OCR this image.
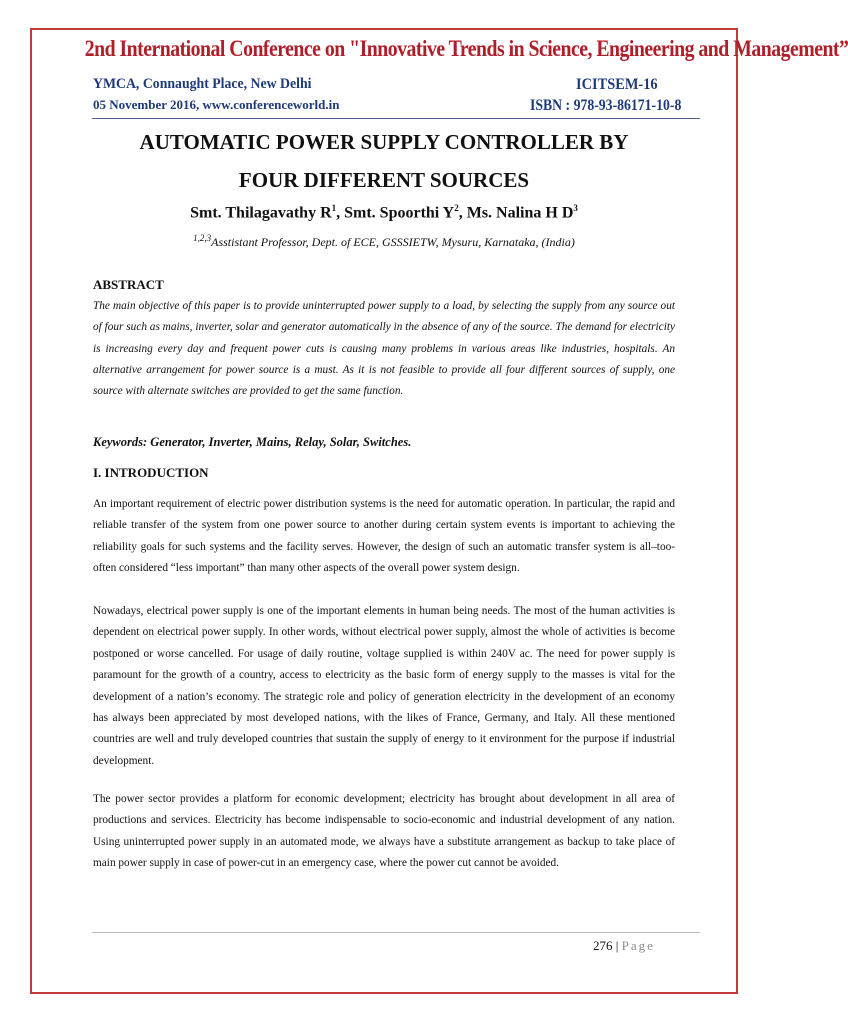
2nd International Conference on "Innovative Trends in Science, Engineering and Management”
YMCA, Connaught Place, New Delhi
05 November 2016, www.conferenceworld.in
ICITSEM-16
ISBN : 978-93-86171-10-8
AUTOMATIC POWER SUPPLY CONTROLLER BY
FOUR DIFFERENT SOURCES
Smt. Thilagavathy $R^1$, Smt. Spoorthi $Y^2$, Ms. Nalina H $D^3$
$^{1,2,3}$Asstistant Professor, Dept. of ECE, GSSSIETW, Mysuru, Karnataka, (India)
ABSTRACT
The main objective of this paper is to provide uninterrupted power supply to a load, by selecting the supply from any source out of four such as mains, inverter, solar and generator automatically in the absence of any of the source. The demand for electricity is increasing every day and frequent power cuts is causing many problems in various areas like industries, hospitals. An alternative arrangement for power source is a must. As it is not feasible to provide all four different sources of supply, one source with alternate switches are provided to get the same function.
Keywords: Generator, Inverter, Mains, Relay, Solar, Switches.
I. INTRODUCTION
An important requirement of electric power distribution systems is the need for automatic operation. In particular, the rapid and reliable transfer of the system from one power source to another during certain system events is important to achieving the reliability goals for such systems and the facility serves. However, the design of such an automatic transfer system is all–too-often considered “less important” than many other aspects of the overall power system design.
Nowadays, electrical power supply is one of the important elements in human being needs. The most of the human activities is dependent on electrical power supply. In other words, without electrical power supply, almost the whole of activities is become postponed or worse cancelled. For usage of daily routine, voltage supplied is within 240V ac. The need for power supply is paramount for the growth of a country, access to electricity as the basic form of energy supply to the masses is vital for the development of a nation’s economy. The strategic role and policy of generation electricity in the development of an economy has always been appreciated by most developed nations, with the likes of France, Germany, and Italy. All these mentioned countries are well and truly developed countries that sustain the supply of energy to it environment for the purpose if industrial development.
The power sector provides a platform for economic development; electricity has brought about development in all area of productions and services. Electricity has become indispensable to socio-economic and industrial development of any nation. Using uninterrupted power supply in an automated mode, we always have a substitute arrangement as backup to take place of main power supply in case of power-cut in an emergency case, where the power cut cannot be avoided.
276 | Page
